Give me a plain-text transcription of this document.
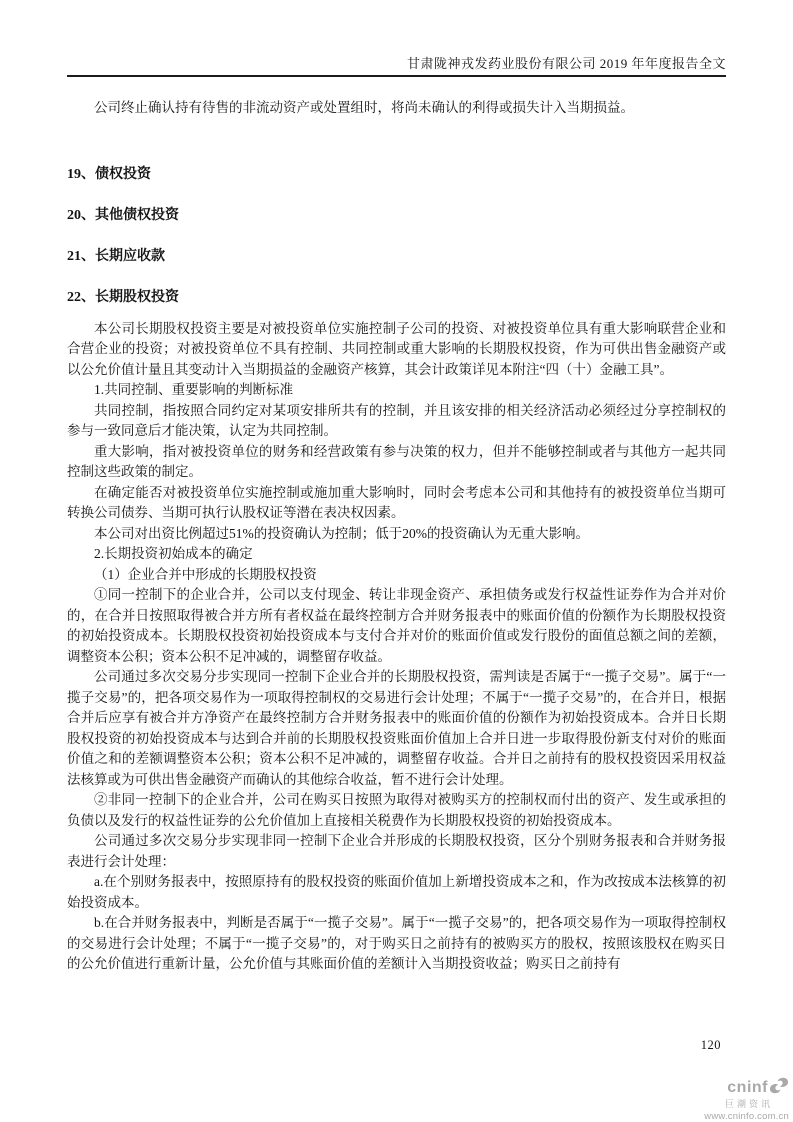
甘肃陇神戎发药业股份有限公司 2019 年年度报告全文

公司终止确认持有待售的非流动资产或处置组时，将尚未确认的利得或损失计入当期损益。

19、债权投资

20、其他债权投资

21、长期应收款

22、长期股权投资

本公司长期股权投资主要是对被投资单位实施控制子公司的投资、对被投资单位具有重大影响联营企业和合营企业的投资；对被投资单位不具有控制、共同控制或重大影响的长期股权投资，作为可供出售金融资产或以公允价值计量且其变动计入当期损益的金融资产核算，其会计政策详见本附注“四（十）金融工具”。

1.共同控制、重要影响的判断标准

共同控制，指按照合同约定对某项安排所共有的控制，并且该安排的相关经济活动必须经过分享控制权的参与一致同意后才能决策，认定为共同控制。

重大影响，指对被投资单位的财务和经营政策有参与决策的权力，但并不能够控制或者与其他方一起共同控制这些政策的制定。

在确定能否对被投资单位实施控制或施加重大影响时，同时会考虑本公司和其他持有的被投资单位当期可转换公司债券、当期可执行认股权证等潜在表决权因素。

本公司对出资比例超过51%的投资确认为控制；低于20%的投资确认为无重大影响。

2.长期投资初始成本的确定

（1）企业合并中形成的长期股权投资

①同一控制下的企业合并，公司以支付现金、转让非现金资产、承担债务或发行权益性证券作为合并对价的，在合并日按照取得被合并方所有者权益在最终控制方合并财务报表中的账面价值的份额作为长期股权投资的初始投资成本。长期股权投资初始投资成本与支付合并对价的账面价值或发行股份的面值总额之间的差额，调整资本公积；资本公积不足冲减的，调整留存收益。

公司通过多次交易分步实现同一控制下企业合并的长期股权投资，需判读是否属于“一揽子交易”。属于“一揽子交易”的，把各项交易作为一项取得控制权的交易进行会计处理；不属于“一揽子交易”的，在合并日，根据合并后应享有被合并方净资产在最终控制方合并财务报表中的账面价值的份额作为初始投资成本。合并日长期股权投资的初始投资成本与达到合并前的长期股权投资账面价值加上合并日进一步取得股份新支付对价的账面价值之和的差额调整资本公积；资本公积不足冲减的，调整留存收益。合并日之前持有的股权投资因采用权益法核算或为可供出售金融资产而确认的其他综合收益，暂不进行会计处理。

②非同一控制下的企业合并，公司在购买日按照为取得对被购买方的控制权而付出的资产、发生或承担的负债以及发行的权益性证券的公允价值加上直接相关税费作为长期股权投资的初始投资成本。

公司通过多次交易分步实现非同一控制下企业合并形成的长期股权投资，区分个别财务报表和合并财务报表进行会计处理：

a.在个别财务报表中，按照原持有的股权投资的账面价值加上新增投资成本之和，作为改按成本法核算的初始投资成本。

b.在合并财务报表中，判断是否属于“一揽子交易”。属于“一揽子交易”的，把各项交易作为一项取得控制权的交易进行会计处理；不属于“一揽子交易”的，对于购买日之前持有的被购买方的股权，按照该股权在购买日的公允价值进行重新计量，公允价值与其账面价值的差额计入当期投资收益；购买日之前持有

120
cninf
巨潮资讯
www.cninfo.com.cn
